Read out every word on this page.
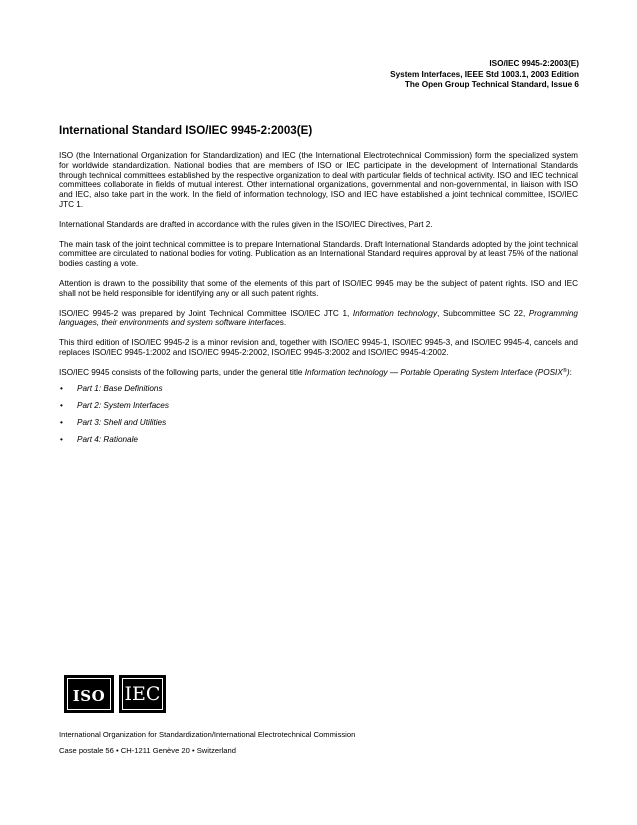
ISO/IEC 9945-2:2003(E)
System Interfaces, IEEE Std 1003.1, 2003 Edition
The Open Group Technical Standard, Issue 6
International Standard ISO/IEC 9945-2:2003(E)

ISO (the International Organization for Standardization) and IEC (the International Electrotechnical Commission) form the specialized system for worldwide standardization. National bodies that are members of ISO or IEC participate in the development of International Standards through technical committees established by the respective organization to deal with particular fields of technical activity. ISO and IEC technical committees collaborate in fields of mutual interest. Other international organizations, governmental and non-governmental, in liaison with ISO and IEC, also take part in the work. In the field of information technology, ISO and IEC have established a joint technical committee, ISO/IEC JTC 1.

International Standards are drafted in accordance with the rules given in the ISO/IEC Directives, Part 2.

The main task of the joint technical committee is to prepare International Standards. Draft International Standards adopted by the joint technical committee are circulated to national bodies for voting. Publication as an International Standard requires approval by at least 75% of the national bodies casting a vote.

Attention is drawn to the possibility that some of the elements of this part of ISO/IEC 9945 may be the subject of patent rights. ISO and IEC shall not be held responsible for identifying any or all such patent rights.

ISO/IEC 9945-2 was prepared by Joint Technical Committee ISO/IEC JTC 1, Information technology, Subcommittee SC 22, Programming languages, their environments and system software interfaces.

This third edition of ISO/IEC 9945-2 is a minor revision and, together with ISO/IEC 9945-1, ISO/IEC 9945-3, and ISO/IEC 9945-4, cancels and replaces ISO/IEC 9945-1:2002 and ISO/IEC 9945-2:2002, ISO/IEC 9945-3:2002 and ISO/IEC 9945-4:2002.

ISO/IEC 9945 consists of the following parts, under the general title Information technology — Portable Operating System Interface (POSIX®):

• Part 1: Base Definitions
• Part 2: System Interfaces
• Part 3: Shell and Utilities
• Part 4: Rationale
ISO	IEC
International Organization for Standardization/International Electrotechnical Commission
Case postale 56 • CH-1211 Genève 20 • Switzerland
